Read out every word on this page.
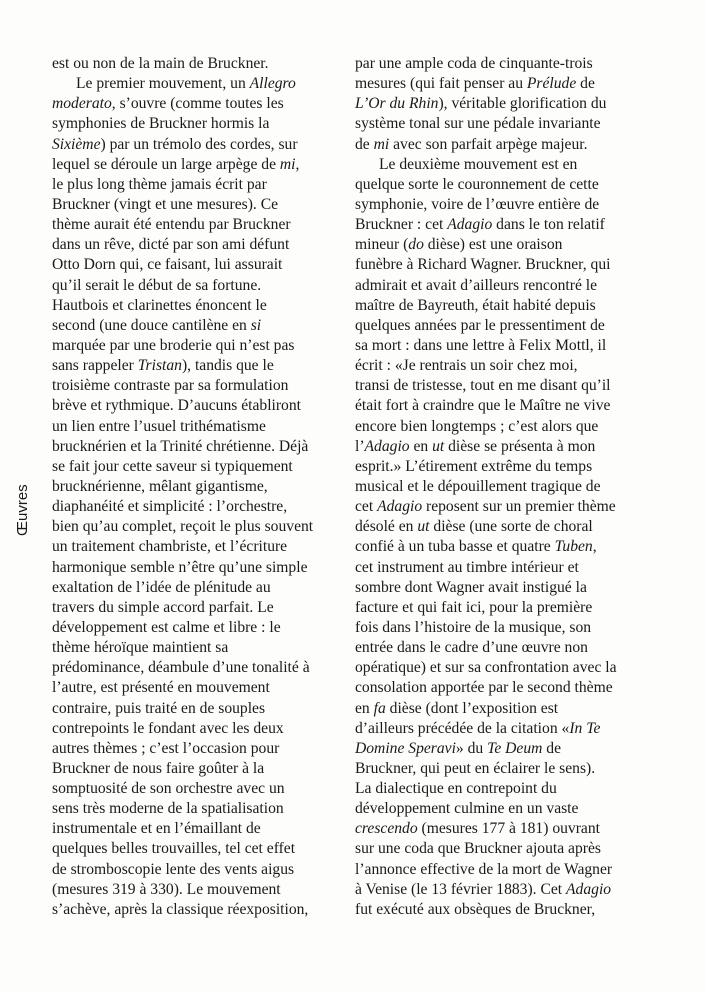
Œuvres
est ou non de la main de Bruckner.
Le premier mouvement, un Allegro
moderato, s’ouvre (comme toutes les
symphonies de Bruckner hormis la
Sixième) par un trémolo des cordes, sur
lequel se déroule un large arpège de mi,
le plus long thème jamais écrit par
Bruckner (vingt et une mesures). Ce
thème aurait été entendu par Bruckner
dans un rêve, dicté par son ami défunt
Otto Dorn qui, ce faisant, lui assurait
qu’il serait le début de sa fortune.
Hautbois et clarinettes énoncent le
second (une douce cantilène en si
marquée par une broderie qui n’est pas
sans rappeler Tristan), tandis que le
troisième contraste par sa formulation
brève et rythmique. D’aucuns établiront
un lien entre l’usuel trithématisme
brucknérien et la Trinité chrétienne. Déjà
se fait jour cette saveur si typiquement
brucknérienne, mêlant gigantisme,
diaphanéité et simplicité : l’orchestre,
bien qu’au complet, reçoit le plus souvent
un traitement chambriste, et l’écriture
harmonique semble n’être qu’une simple
exaltation de l’idée de plénitude au
travers du simple accord parfait. Le
développement est calme et libre : le
thème héroïque maintient sa
prédominance, déambule d’une tonalité à
l’autre, est présenté en mouvement
contraire, puis traité en de souples
contrepoints le fondant avec les deux
autres thèmes ; c’est l’occasion pour
Bruckner de nous faire goûter à la
somptuosité de son orchestre avec un
sens très moderne de la spatialisation
instrumentale et en l’émaillant de
quelques belles trouvailles, tel cet effet
de stromboscopie lente des vents aigus
(mesures 319 à 330). Le mouvement
s’achève, après la classique réexposition,
par une ample coda de cinquante-trois
mesures (qui fait penser au Prélude de
L’Or du Rhin), véritable glorification du
système tonal sur une pédale invariante
de mi avec son parfait arpège majeur.
Le deuxième mouvement est en
quelque sorte le couronnement de cette
symphonie, voire de l’œuvre entière de
Bruckner : cet Adagio dans le ton relatif
mineur (do dièse) est une oraison
funèbre à Richard Wagner. Bruckner, qui
admirait et avait d’ailleurs rencontré le
maître de Bayreuth, était habité depuis
quelques années par le pressentiment de
sa mort : dans une lettre à Felix Mottl, il
écrit : «Je rentrais un soir chez moi,
transi de tristesse, tout en me disant qu’il
était fort à craindre que le Maître ne vive
encore bien longtemps ; c’est alors que
l’Adagio en ut dièse se présenta à mon
esprit.» L’étirement extrême du temps
musical et le dépouillement tragique de
cet Adagio reposent sur un premier thème
désolé en ut dièse (une sorte de choral
confié à un tuba basse et quatre Tuben,
cet instrument au timbre intérieur et
sombre dont Wagner avait instigué la
facture et qui fait ici, pour la première
fois dans l’histoire de la musique, son
entrée dans le cadre d’une œuvre non
opératique) et sur sa confrontation avec la
consolation apportée par le second thème
en fa dièse (dont l’exposition est
d’ailleurs précédée de la citation «In Te
Domine Speravi» du Te Deum de
Bruckner, qui peut en éclairer le sens).
La dialectique en contrepoint du
développement culmine en un vaste
crescendo (mesures 177 à 181) ouvrant
sur une coda que Bruckner ajouta après
l’annonce effective de la mort de Wagner
à Venise (le 13 février 1883). Cet Adagio
fut exécuté aux obsèques de Bruckner,
